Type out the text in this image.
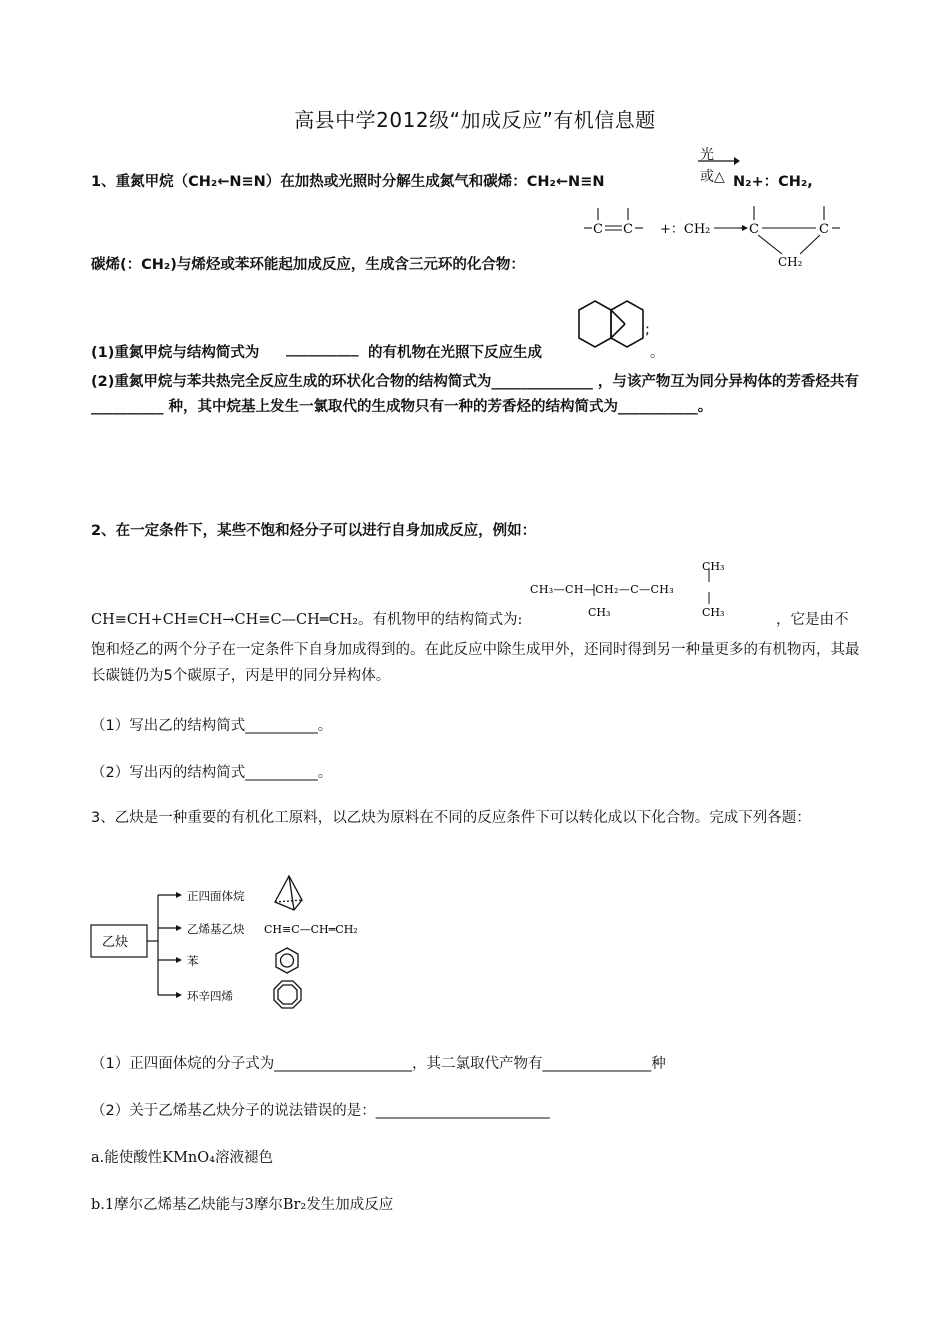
高县中学2012级“加成反应”有机信息题
1、重氮甲烷（CH₂←N≡N）在加热或光照时分解生成氮气和碳烯：CH₂←N≡N
光
或△ N₂+：CH₂,
C C +：CH₂	C	C
CH₂
碳烯(：CH₂)与烯烃或苯环能起加成反应，生成含三元环的化合物：
(1)重氮甲烷与结构简式为 __________ 的有机物在光照下反应生成
;
。
(2)重氮甲烷与苯共热完全反应生成的环状化合物的结构简式为______________ ，与该产物互为同分异构体的芳香烃共有__________ 种，其中烷基上发生一氯取代的生成物只有一种的芳香烃的结构简式为___________。
2、在一定条件下，某些不饱和烃分子可以进行自身加成反应，例如：
CH₃
CH₃—CH—CH₂—C—CH₃
CH₃	CH₃
CH≡CH+CH≡CH→CH≡C—CH═CH₂。有机物甲的结构简式为:	，它是由不
饱和烃乙的两个分子在一定条件下自身加成得到的。在此反应中除生成甲外，还同时得到另一种量更多的有机物丙，其最长碳链仍为5个碳原子，丙是甲的同分异构体。
（1）写出乙的结构简式__________。
（2）写出丙的结构简式__________。
3、乙炔是一种重要的有机化工原料，以乙炔为原料在不同的反应条件下可以转化成以下化合物。完成下列各题：
乙炔
正四面体烷
乙烯基乙炔
苯
环辛四烯
CH≡C—CH═CH₂
（1）正四面体烷的分子式为___________________，其二氯取代产物有_______________种
（2）关于乙烯基乙炔分子的说法错误的是：________________________
a.能使酸性KMnO₄溶液褪色
b.1摩尔乙烯基乙炔能与3摩尔Br₂发生加成反应
